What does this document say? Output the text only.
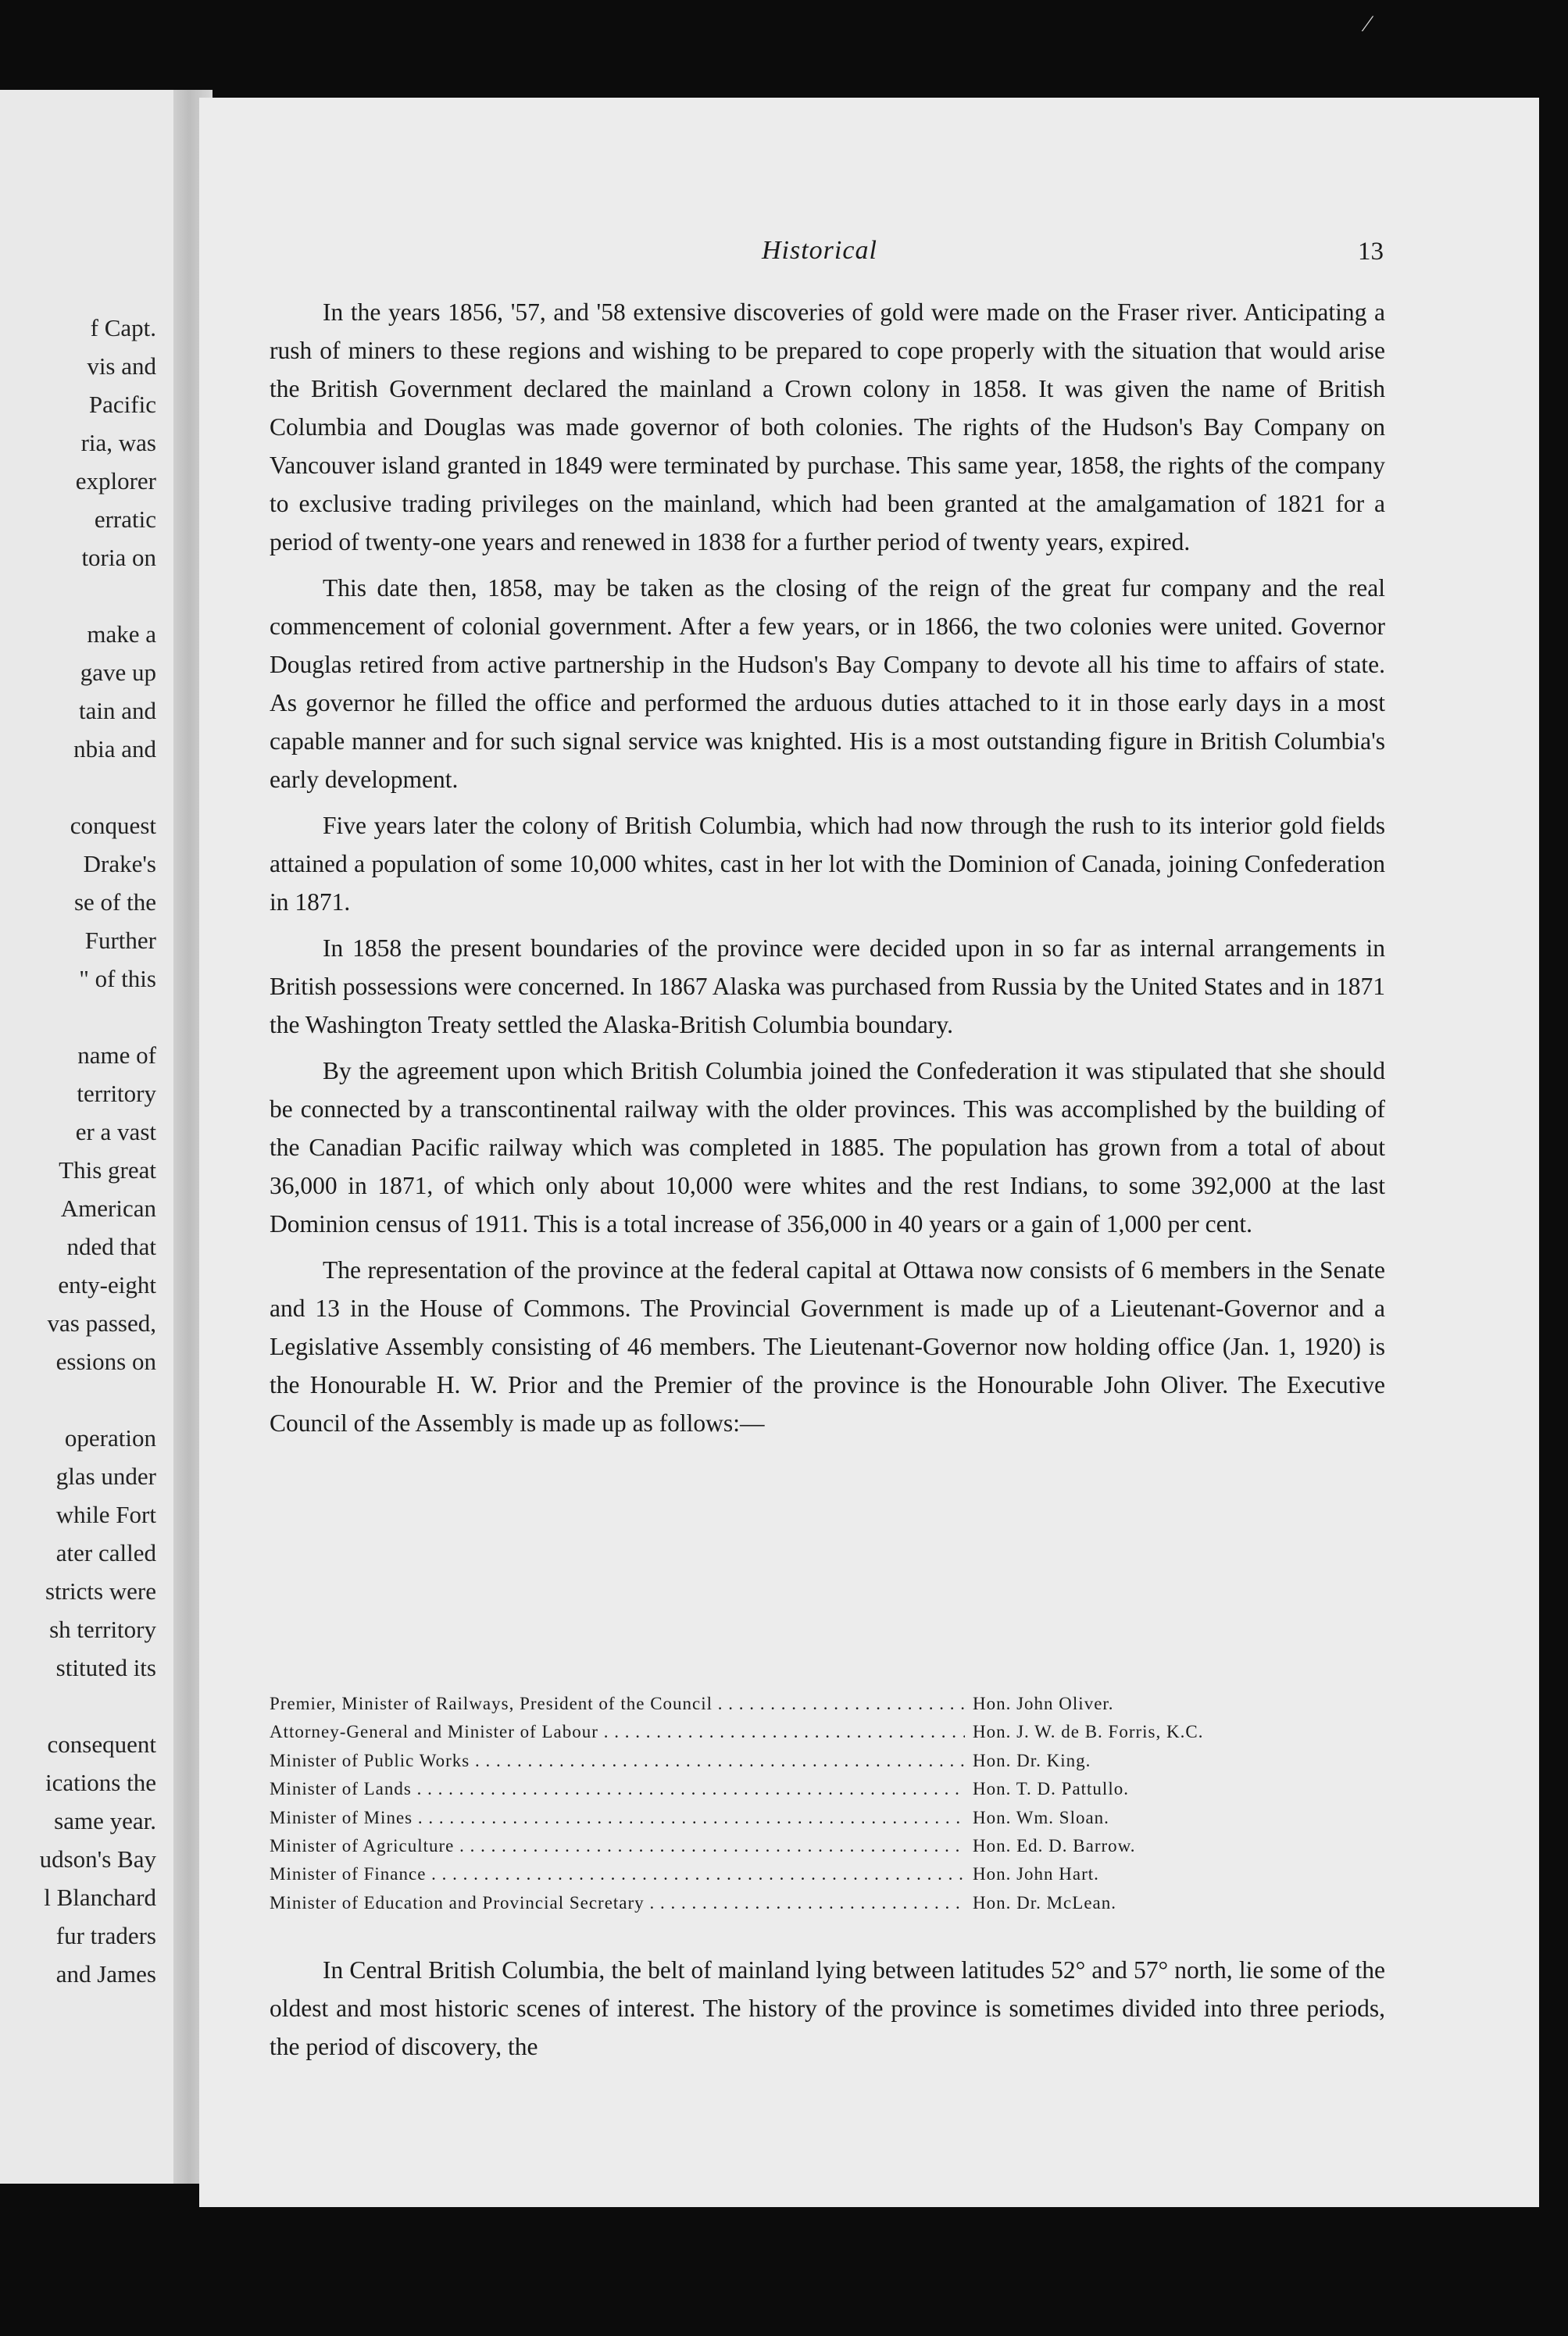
f Capt.
vis and
Pacific
ria, was
explorer
erratic
toria on
make a
gave up
tain and
nbia and
conquest
Drake's
se of the
Further
" of this
name of
territory
er a vast
This great
American
nded that
enty-eight
vas passed,
essions on
operation
glas under
while Fort
ater called
stricts were
sh territory
stituted its
consequent
ications the
same year.
udson's Bay
l Blanchard
fur traders
and James
⁄
Historical	13

In the years 1856, '57, and '58 extensive discoveries of gold were made on the Fraser river. Anticipating a rush of miners to these regions and wishing to be prepared to cope properly with the situation that would arise the British Government declared the mainland a Crown colony in 1858. It was given the name of British Columbia and Douglas was made governor of both colonies. The rights of the Hudson's Bay Company on Vancouver island granted in 1849 were terminated by purchase. This same year, 1858, the rights of the company to exclusive trading privileges on the mainland, which had been granted at the amalgamation of 1821 for a period of twenty-one years and renewed in 1838 for a further period of twenty years, expired.

This date then, 1858, may be taken as the closing of the reign of the great fur company and the real commencement of colonial government. After a few years, or in 1866, the two colonies were united. Governor Douglas retired from active partnership in the Hudson's Bay Company to devote all his time to affairs of state. As governor he filled the office and performed the arduous duties attached to it in those early days in a most capable manner and for such signal service was knighted. His is a most outstanding figure in British Columbia's early development.

Five years later the colony of British Columbia, which had now through the rush to its interior gold fields attained a population of some 10,000 whites, cast in her lot with the Dominion of Canada, joining Confederation in 1871.

In 1858 the present boundaries of the province were decided upon in so far as internal arrangements in British possessions were concerned. In 1867 Alaska was purchased from Russia by the United States and in 1871 the Washington Treaty settled the Alaska-British Columbia boundary.

By the agreement upon which British Columbia joined the Confederation it was stipulated that she should be connected by a transcontinental railway with the older provinces. This was accomplished by the building of the Canadian Pacific railway which was completed in 1885. The population has grown from a total of about 36,000 in 1871, of which only about 10,000 were whites and the rest Indians, to some 392,000 at the last Dominion census of 1911. This is a total increase of 356,000 in 40 years or a gain of 1,000 per cent.

The representation of the province at the federal capital at Ottawa now consists of 6 members in the Senate and 13 in the House of Commons. The Provincial Government is made up of a Lieutenant-Governor and a Legislative Assembly consisting of 46 members. The Lieutenant-Governor now holding office (Jan. 1, 1920) is the Honourable H. W. Prior and the Premier of the province is the Honourable John Oliver. The Executive Council of the Assembly is made up as follows:—

Premier, Minister of Railways, President of the Council . . .	Hon. John Oliver.
Attorney-General and Minister of Labour . . .	Hon. J. W. de B. Forris, K.C.
Minister of Public Works . . .	Hon. Dr. King.
Minister of Lands . . .	Hon. T. D. Pattullo.
Minister of Mines . . .	Hon. Wm. Sloan.
Minister of Agriculture . . .	Hon. Ed. D. Barrow.
Minister of Finance . . .	Hon. John Hart.
Minister of Education and Provincial Secretary . . .	Hon. Dr. McLean.

In Central British Columbia, the belt of mainland lying between latitudes 52° and 57° north, lie some of the oldest and most historic scenes of interest. The history of the province is sometimes divided into three periods, the period of discovery, the
